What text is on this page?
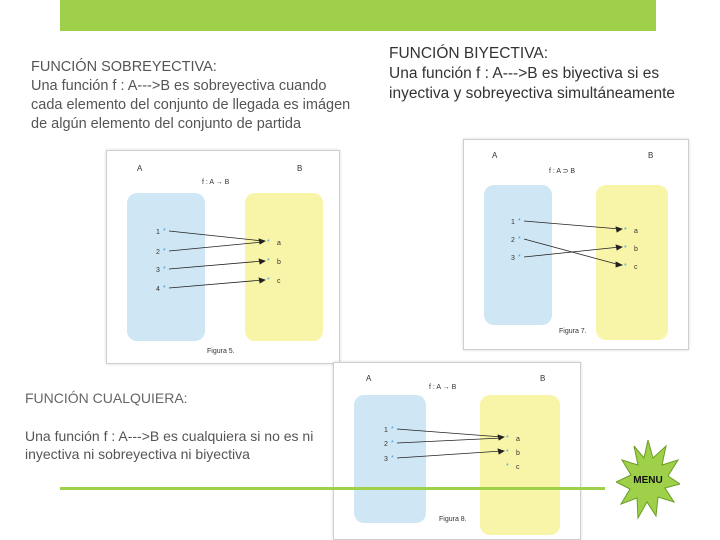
FUNCIÓN SOBREYECTIVA:
Una función f : A--->B es sobreyectiva cuando cada elemento del conjunto de llegada es imágen de algún elemento del conjunto de partida
FUNCIÓN BIYECTIVA:
Una función f : A--->B es biyectiva si es inyectiva y sobreyectiva simultáneamente
FUNCIÓN CUALQUIERA:
Una función f : A--->B es cualquiera si no es ni inyectiva ni sobreyectiva ni biyectiva
A	B
f : A → B
1
2
3
4
*
*
*
*
*
*
*
a
b
c
Figura 5.
A	B
f : A ⊃ B
1
2
3
*
*
*
*
*
*
a
b
c
Figura 7.
A	B
f : A → B
1
2
3
*
*
*
*
*
*
a
b
c
Figura 8.
MENU
